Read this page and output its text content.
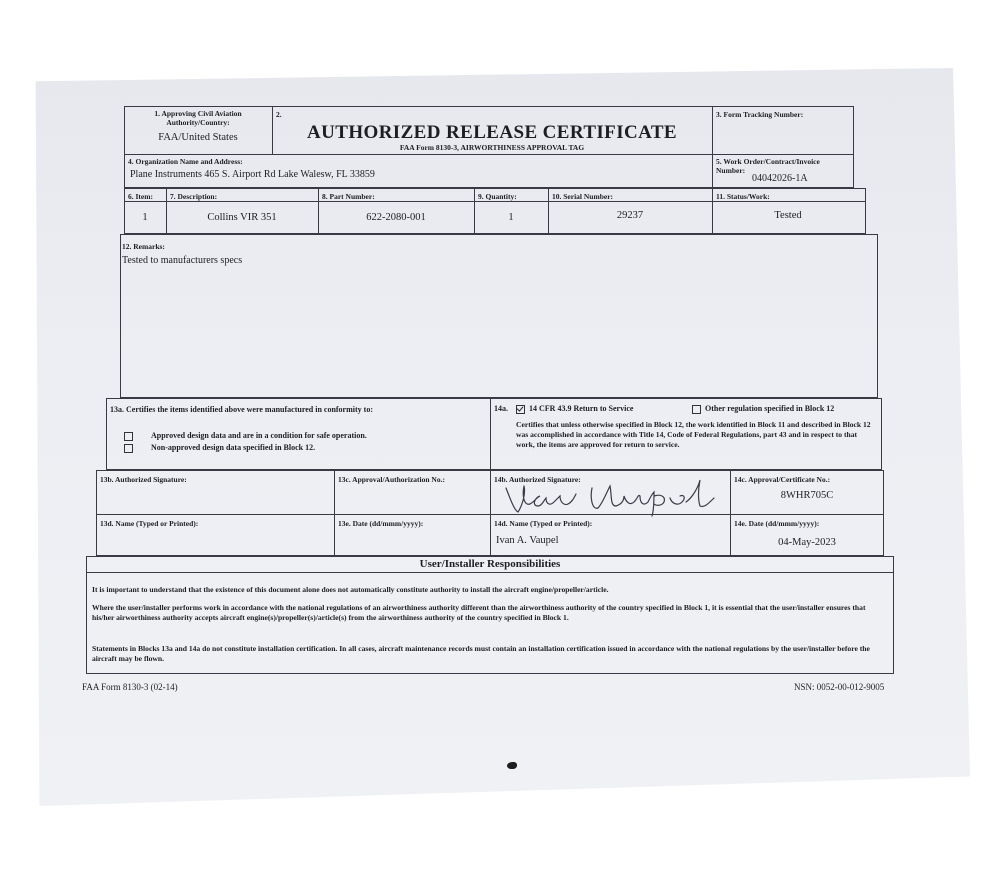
1. Approving Civil Aviation
Authority/Country:
FAA/United States
2.
AUTHORIZED RELEASE CERTIFICATE
FAA Form 8130-3, AIRWORTHINESS APPROVAL TAG
3. Form Tracking Number:
4. Organization Name and Address:
Plane Instruments 465 S. Airport Rd Lake Walesw, FL 33859
5. Work Order/Contract/Invoice
Number:
04042026-1A
6. Item: 7. Description:	8. Part Number:	9. Quantity:	10. Serial Number:	11. Status/Work:
1	Collins VIR 351	622-2080-001	1	29237	Tested
12. Remarks:
Tested to manufacturers specs
13a. Certifies the items identified above were manufactured in conformity to:
Approved design data and are in a condition for safe operation.
Non-approved design data specified in Block 12.
14a.	14 CFR 43.9 Return to Service	Other regulation specified in Block 12
Certifies that unless otherwise specified in Block 12, the work identified in Block 11 and described in Block 12 was accomplished in accordance with Title 14, Code of Federal Regulations, part 43 and in respect to that work, the items are approved for return to service.
13b. Authorized Signature:	13c. Approval/Authorization No.:	14b. Authorized Signature:	14c. Approval/Certificate No.:
8WHR705C
13d. Name (Typed or Printed):	13e. Date (dd/mmm/yyyy):	14d. Name (Typed or Printed):
Ivan A. Vaupel
14e. Date (dd/mmm/yyyy):
04-May-2023
User/Installer Responsibilities
It is important to understand that the existence of this document alone does not automatically constitute authority to install the aircraft engine/propeller/article.
Where the user/installer performs work in accordance with the national regulations of an airworthiness authority different than the airworthiness authority of the country specified in Block 1, it is essential that the user/installer ensures that his/her airworthiness authority accepts aircraft engine(s)/propeller(s)/article(s) from the airworthiness authority of the country specified in Block 1.
Statements in Blocks 13a and 14a do not constitute installation certification. In all cases, aircraft maintenance records must contain an installation certification issued in accordance with the national regulations by the user/installer before the aircraft may be flown.
FAA Form 8130-3 (02-14)	NSN: 0052-00-012-9005
